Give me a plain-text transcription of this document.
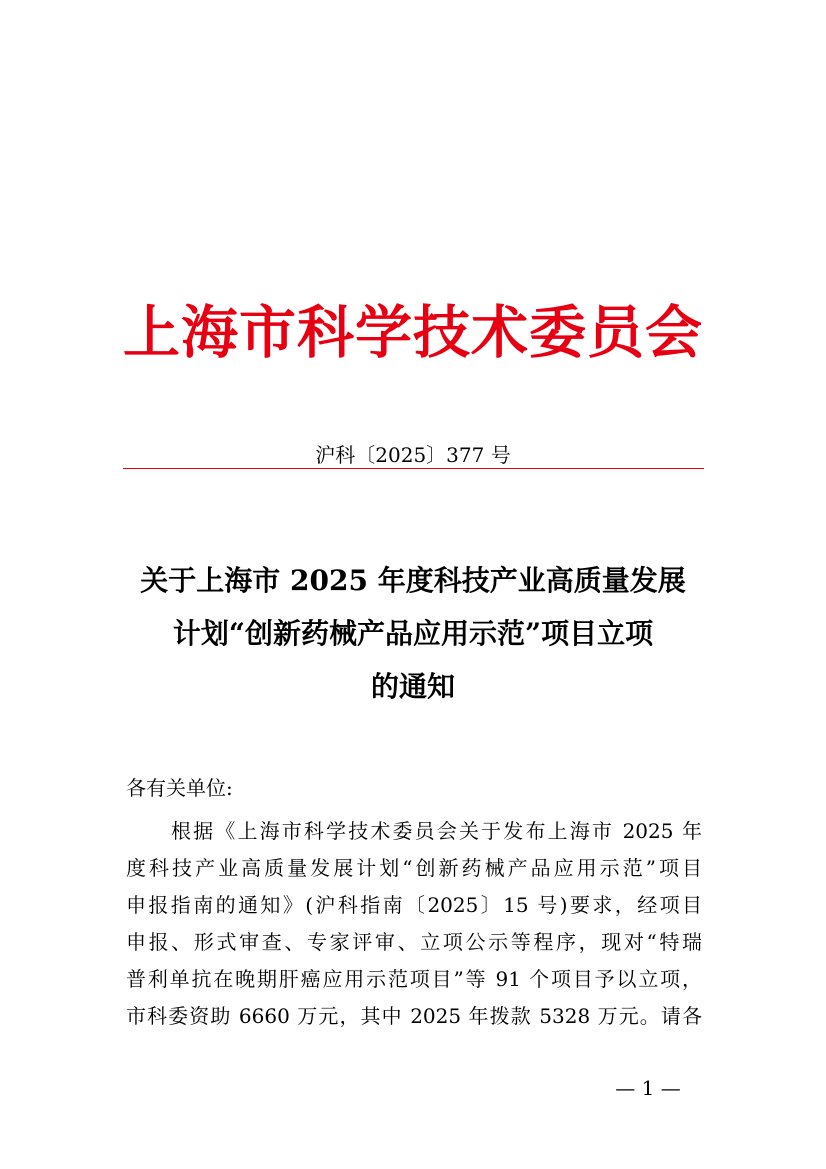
上海市科学技术委员会
沪科〔2025〕377 号
关于上海市 2025 年度科技产业高质量发展
计划“创新药械产品应用示范”项目立项
的通知
各有关单位:
根据《上海市科学技术委员会关于发布上海市 2025 年
度科技产业高质量发展计划“创新药械产品应用示范”项目
申报指南的通知》(沪科指南〔2025〕15 号)要求，经项目
申报、形式审查、专家评审、立项公示等程序，现对“特瑞
普利单抗在晚期肝癌应用示范项目”等 91 个项目予以立项，
市科委资助 6660 万元，其中 2025 年拨款 5328 万元。请各
— 1 —
